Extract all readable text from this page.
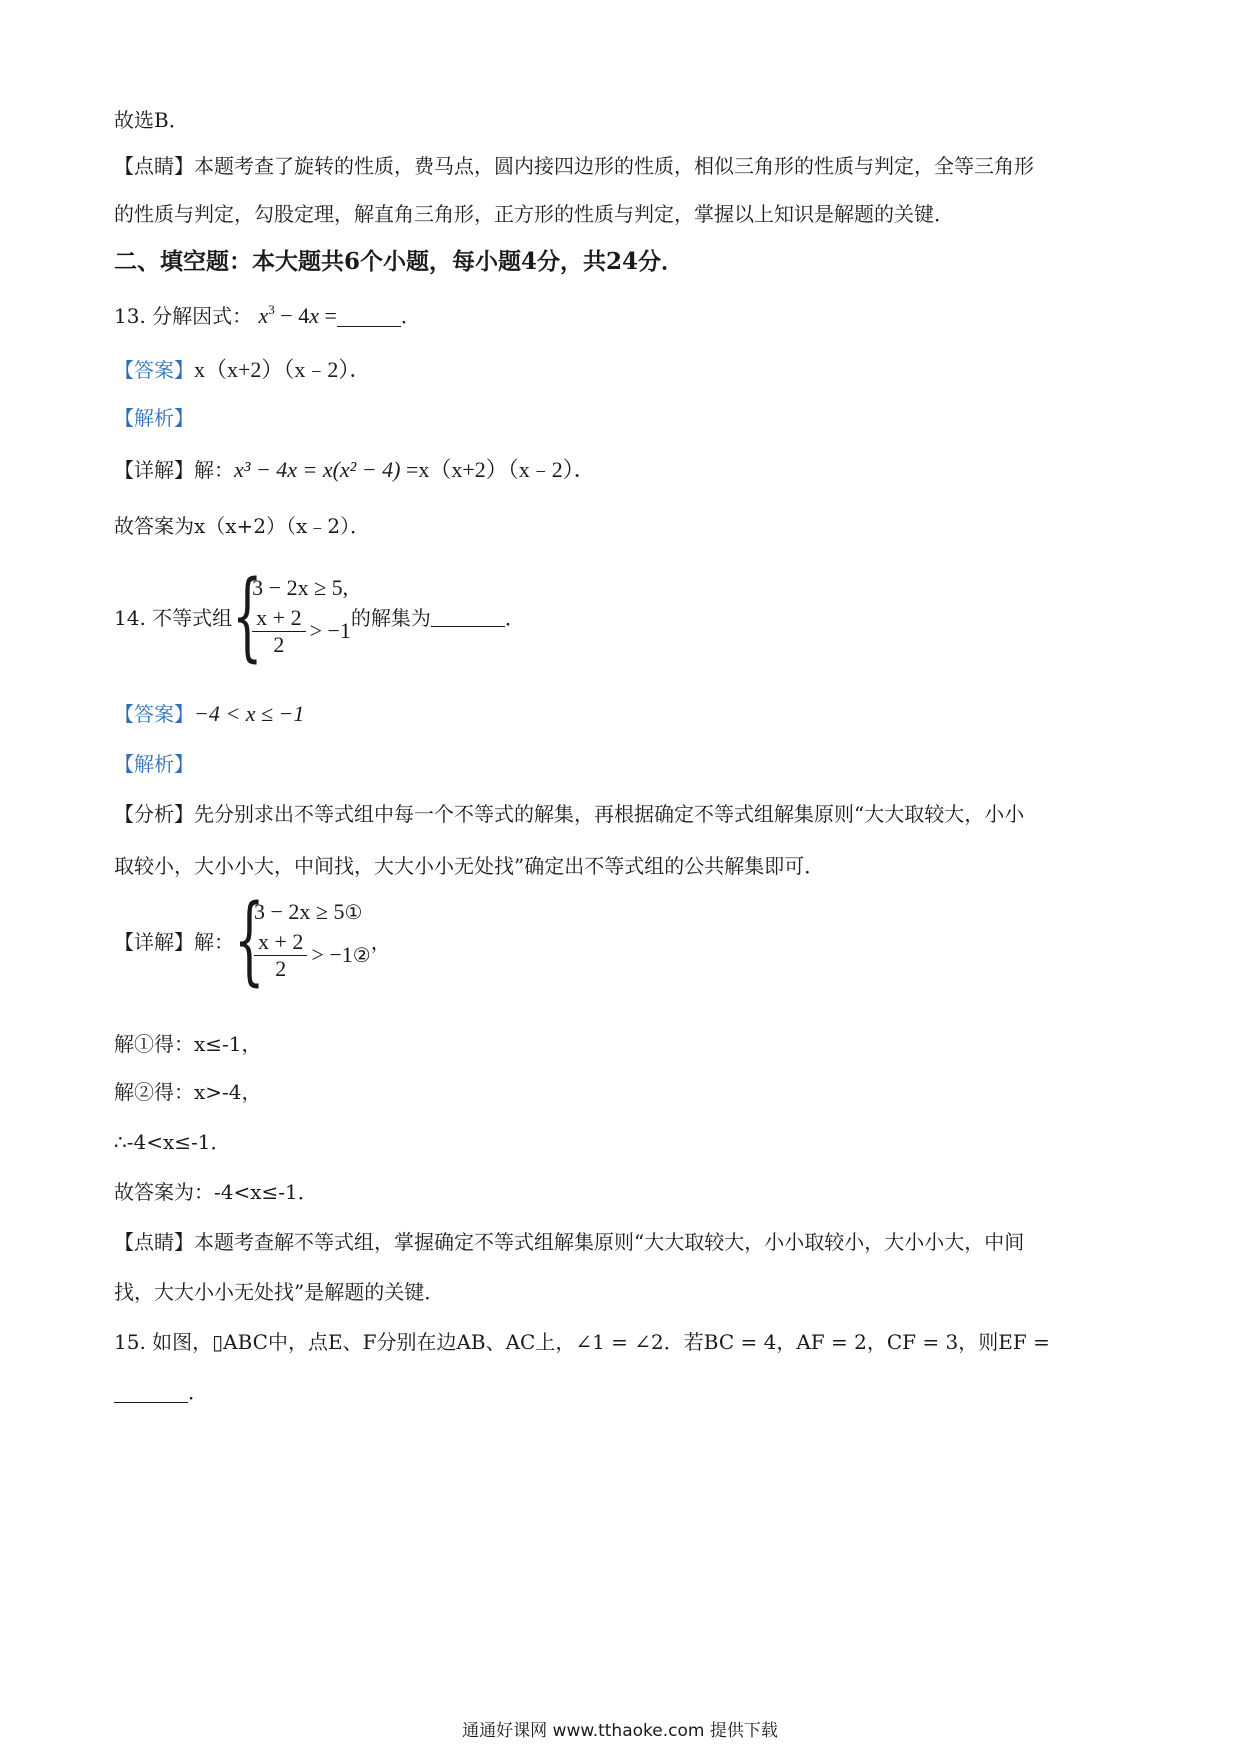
故选B．
【点睛】本题考查了旋转的性质，费马点，圆内接四边形的性质，相似三角形的性质与判定，全等三角形
的性质与判定，勾股定理，解直角三角形，正方形的性质与判定，掌握以上知识是解题的关键．
二、填空题：本大题共6个小题，每小题4分，共24分．
13. 分解因式： $x^3 - 4x$ =	．
【答案】x（x+2）（x﹣2）．
【解析】
【详解】解：x³ − 4x = x(x² − 4) =x（x+2）（x﹣2）．
故答案为x（x+2）（x﹣2）．
14. 不等式组 {
3 − 2x ≥ 5,
$\frac{x + 2}{2} > -1$
的解集为	．
【答案】−4 < x ≤ −1
【解析】
【分析】先分别求出不等式组中每一个不等式的解集，再根据确定不等式组解集原则“大大取较大，小小
取较小，大小小大，中间找，大大小小无处找”确定出不等式组的公共解集即可．
【详解】 解： {
3 − 2x ≥ 5①
$\frac{x + 2}{2} > -1$ ②
，
解①得：x≤-1，
解②得：x>-4，
∴-4<x≤-1．
故答案为：-4<x≤-1．
【点睛】本题考查解不等式组，掌握确定不等式组解集原则“大大取较大，小小取较小，大小小大，中间
找，大大小小无处找”是解题的关键．
15. 如图，▯ABC中，点E、F分别在边AB、AC上，∠1 = ∠2．若BC = 4，AF = 2，CF = 3，则EF =
．
通通好课网 www.tthaoke.com 提供下载
